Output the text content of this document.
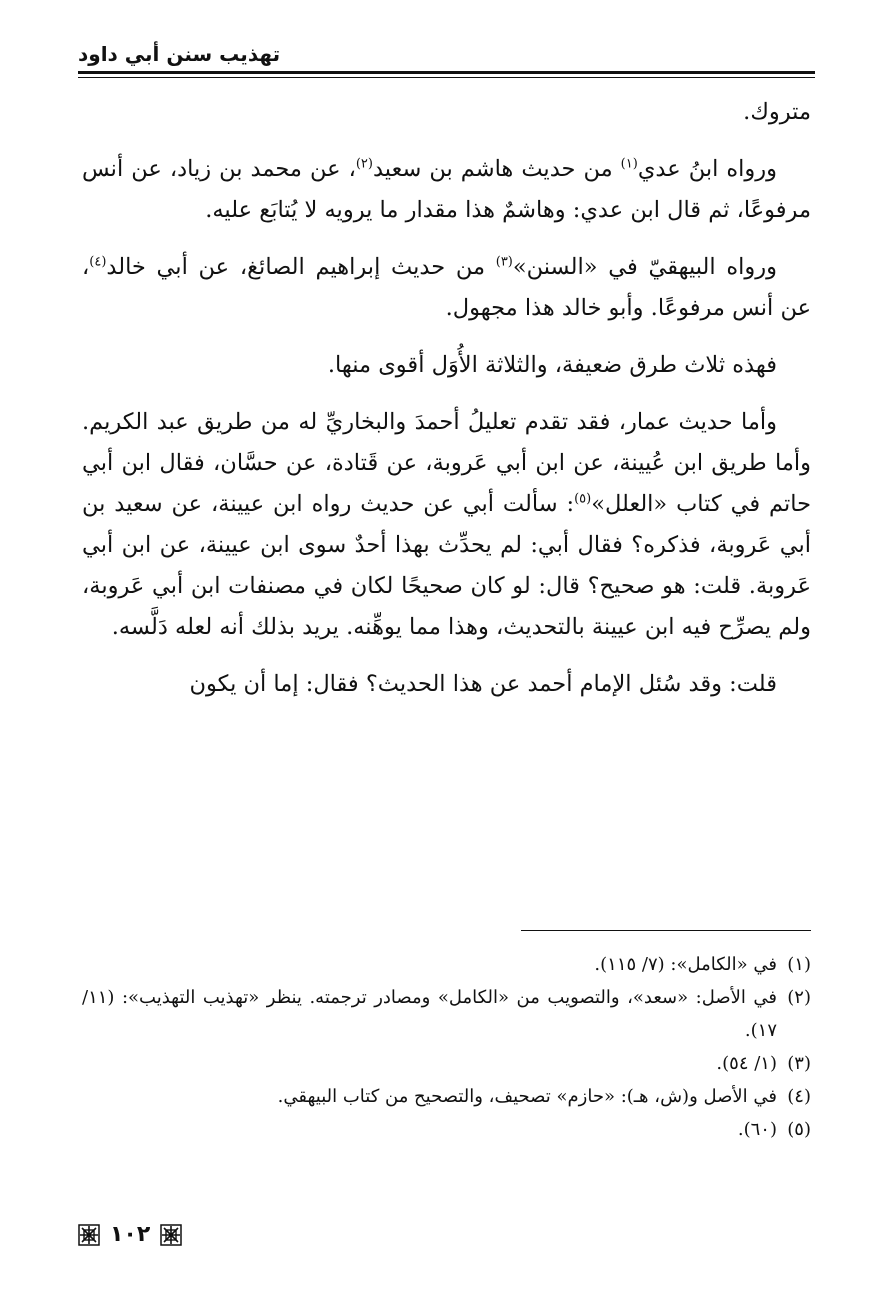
تهذيب سنن أبي داود

متروك.

ورواه ابنُ عدي$^{(١)}$ من حديث هاشم بن سعيد$^{(٢)}$، عن محمد بن زياد، عن أنس مرفوعًا، ثم قال ابن عدي: وهاشمٌ هذا مقدار ما يرويه لا يُتابَع عليه.

ورواه البيهقيّ في «السنن»$^{(٣)}$ من حديث إبراهيم الصائغ، عن أبي خالد$^{(٤)}$، عن أنس مرفوعًا. وأبو خالد هذا مجهول.

فهذه ثلاث طرق ضعيفة، والثلاثة الأُوَل أقوى منها.

وأما حديث عمار، فقد تقدم تعليلُ أحمدَ والبخاريِّ له من طريق عبد الكريم. وأما طريق ابن عُيينة، عن ابن أبي عَروبة، عن قَتادة، عن حسَّان، فقال ابن أبي حاتم في كتاب «العلل»$^{(٥)}$: سألت أبي عن حديث رواه ابن عيينة، عن سعيد بن أبي عَروبة، فذكره؟ فقال أبي: لم يحدِّث بهذا أحدٌ سوى ابن عيينة، عن ابن أبي عَروبة. قلت: هو صحيح؟ قال: لو كان صحيحًا لكان في مصنفات ابن أبي عَروبة، ولم يصرِّح فيه ابن عيينة بالتحديث، وهذا مما يوهِّنه. يريد بذلك أنه لعله دَلَّسه.

قلت: وقد سُئل الإمام أحمد عن هذا الحديث؟ فقال: إما أن يكون

(١)
في «الكامل»: (٧/ ١١٥).
(٢)
في الأصل: «سعد»، والتصويب من «الكامل» ومصادر ترجمته. ينظر «تهذيب التهذيب»: (١١/ ١٧).
(٣)
(١/ ٥٤).
(٤)
في الأصل و(ش، هـ): «حازم» تصحيف، والتصحيح من كتاب البيهقي.
(٥)
(٦٠).
١٠٢
